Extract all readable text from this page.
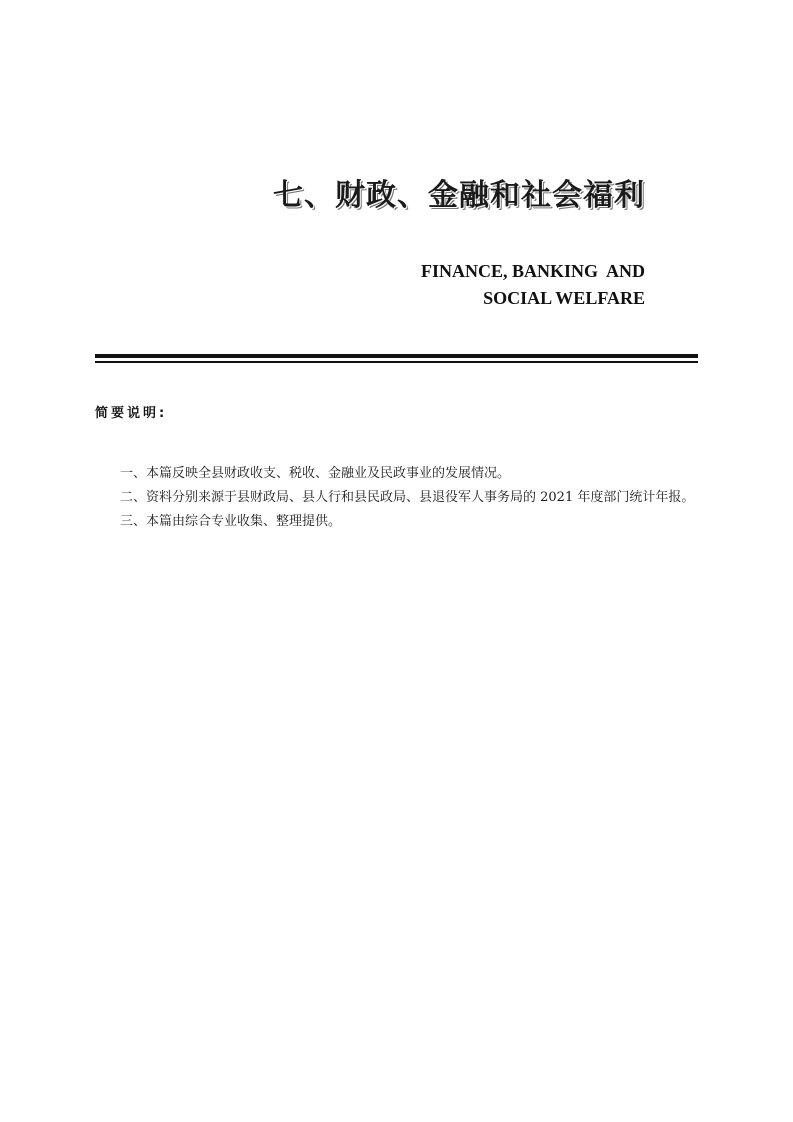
七、财政、金融和社会福利
FINANCE, BANKING  AND
SOCIAL WELFARE
简要说明:
一、本篇反映全县财政收支、税收、金融业及民政事业的发展情况。
二、资料分别来源于县财政局、县人行和县民政局、县退役军人事务局的 2021 年度部门统计年报。
三、本篇由综合专业收集、整理提供。
